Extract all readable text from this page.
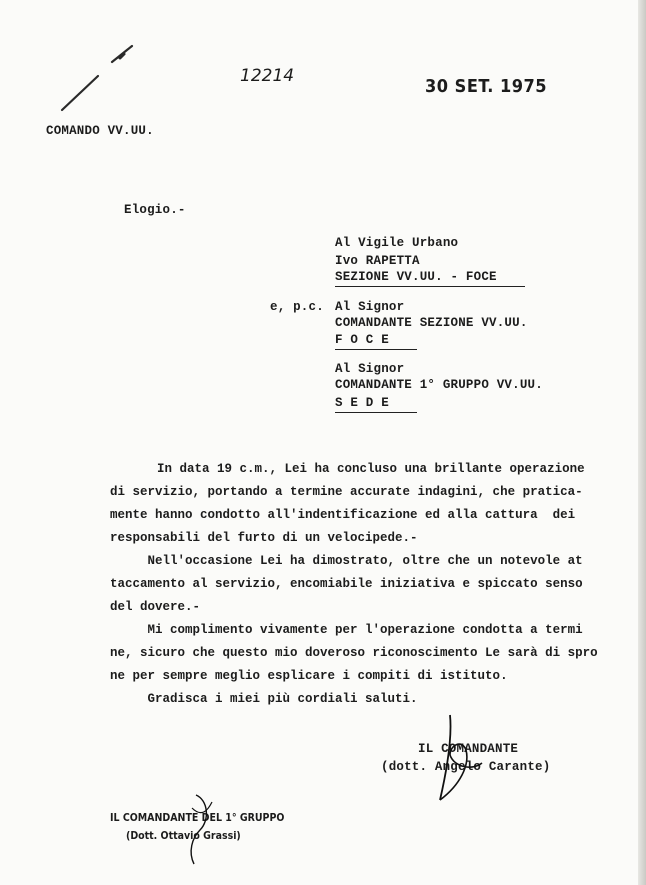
12214	30 SET. 1975
COMANDO VV.UU.
Elogio.-
Al Vigile Urbano
Ivo RAPETTA
SEZIONE VV.UU. - FOCE
e, p.c. Al Signor
COMANDANTE SEZIONE VV.UU.
F O C E
Al Signor
COMANDANTE 1° GRUPPO VV.UU.
S E D E
In data 19 c.m., Lei ha concluso una brillante operazione
di servizio, portando a termine accurate indagini, che pratica-
mente hanno condotto all'indentificazione ed alla cattura  dei
responsabili del furto di un velocipede.-
Nell'occasione Lei ha dimostrato, oltre che un notevole at
taccamento al servizio, encomiabile iniziativa e spiccato senso
del dovere.-
Mi complimento vivamente per l'operazione condotta a termi
ne, sicuro che questo mio doveroso riconoscimento Le sarà di spro
ne per sempre meglio esplicare i compiti di istituto.
Gradisca i miei più cordiali saluti.
IL COMANDANTE
(dott. Angelo Carante)
IL COMANDANTE DEL 1° GRUPPO
(Dott. Ottavio Grassi)
